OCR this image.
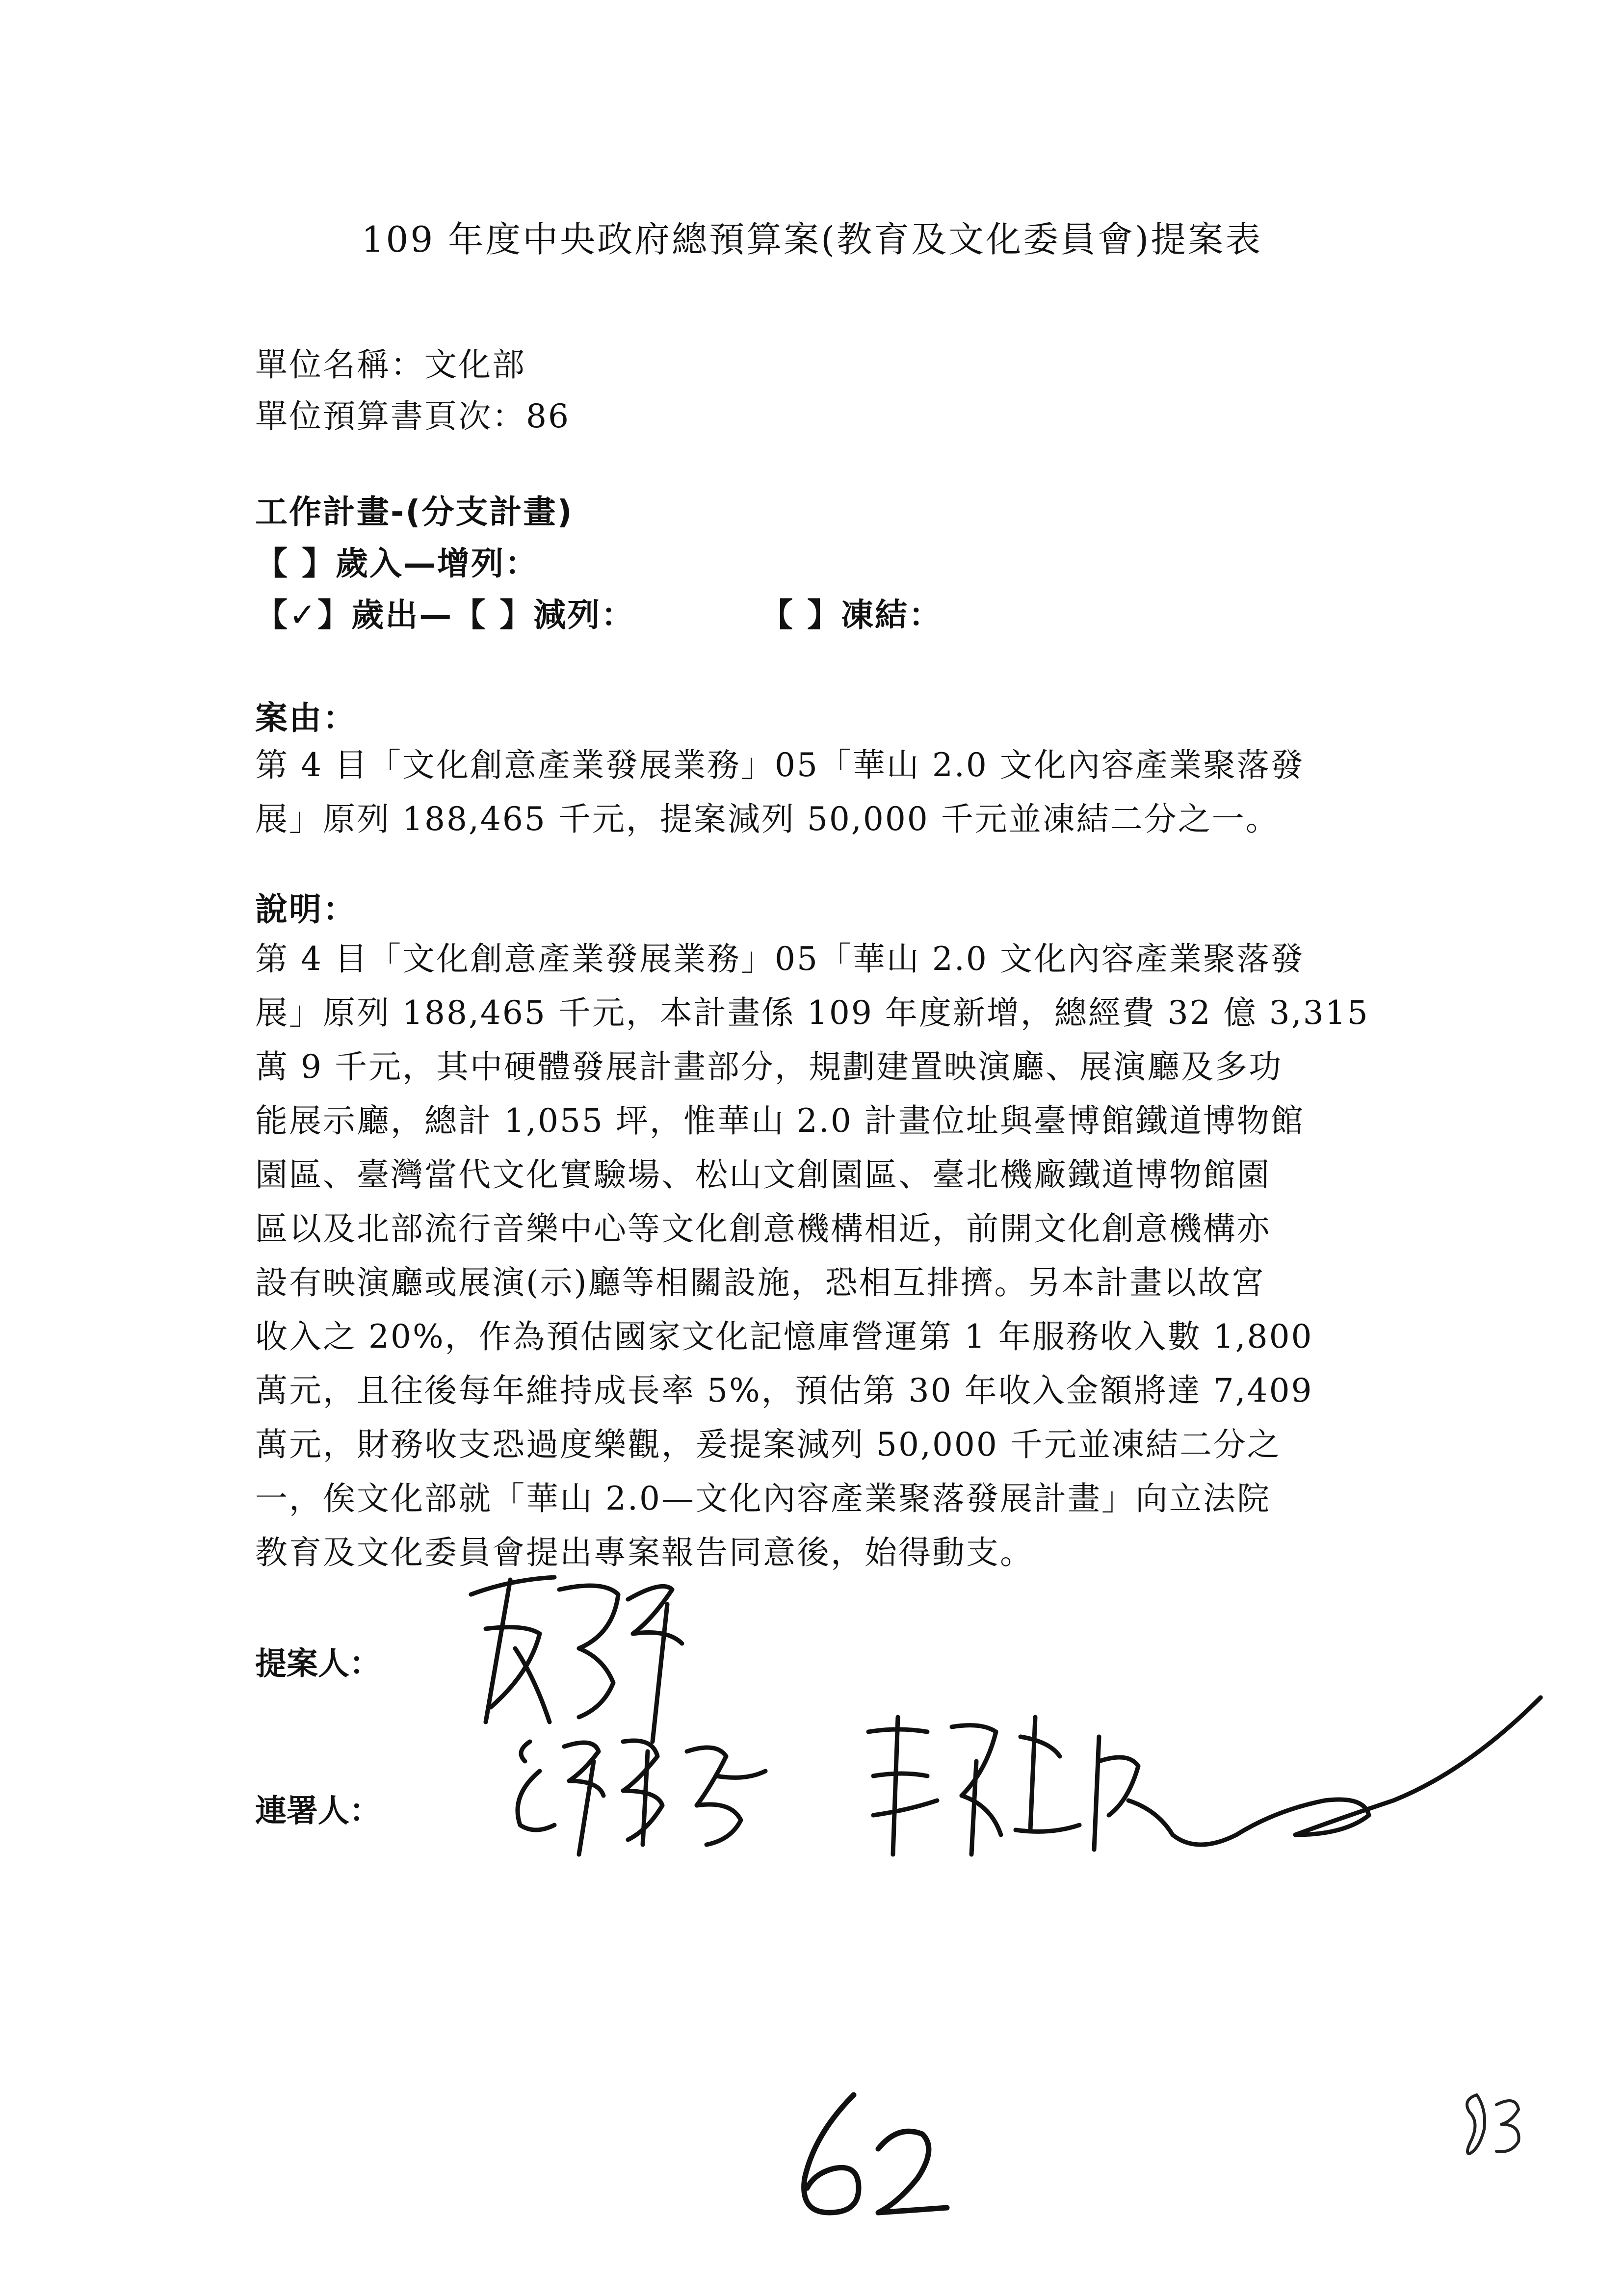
109 年度中央政府總預算案(教育及文化委員會)提案表
單位名稱：文化部
單位預算書頁次：86
工作計畫-(分支計畫)
【 】歲入—增列：
【✓】歲出—【 】減列：	【 】凍結：
案由：
第 4 目「文化創意產業發展業務」05「華山 2.0 文化內容產業聚落發
展」原列 188,465 千元，提案減列 50,000 千元並凍結二分之一。
說明：
第 4 目「文化創意產業發展業務」05「華山 2.0 文化內容產業聚落發
展」原列 188,465 千元，本計畫係 109 年度新增，總經費 32 億 3,315
萬 9 千元，其中硬體發展計畫部分，規劃建置映演廳、展演廳及多功
能展示廳，總計 1,055 坪，惟華山 2.0 計畫位址與臺博館鐵道博物館
園區、臺灣當代文化實驗場、松山文創園區、臺北機廠鐵道博物館園
區以及北部流行音樂中心等文化創意機構相近，前開文化創意機構亦
設有映演廳或展演(示)廳等相關設施，恐相互排擠。另本計畫以故宮
收入之 20%，作為預估國家文化記憶庫營運第 1 年服務收入數 1,800
萬元，且往後每年維持成長率 5%，預估第 30 年收入金額將達 7,409
萬元，財務收支恐過度樂觀，爰提案減列 50,000 千元並凍結二分之
一，俟文化部就「華山 2.0—文化內容產業聚落發展計畫」向立法院
教育及文化委員會提出專案報告同意後，始得動支。
提案人：
連署人：
